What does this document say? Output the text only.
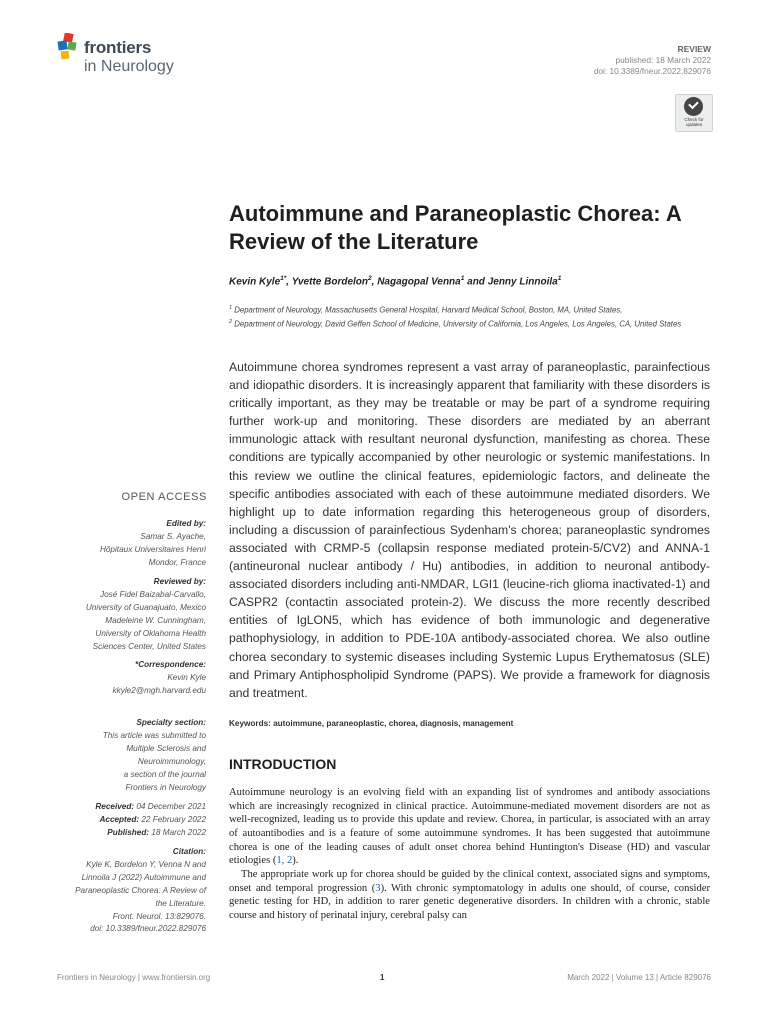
frontiers
in Neurology
REVIEW
published: 18 March 2022
doi: 10.3389/fneur.2022.829076
Check for updates
Autoimmune and Paraneoplastic Chorea: A Review of the Literature
Kevin Kyle$^{1*}$, Yvette Bordelon$^2$, Nagagopal Venna$^1$ and Jenny Linnoila$^1$
$^1$ Department of Neurology, Massachusetts General Hospital, Harvard Medical School, Boston, MA, United States,
$^2$ Department of Neurology, David Geffen School of Medicine, University of California, Los Angeles, Los Angeles, CA, United States
Autoimmune chorea syndromes represent a vast array of paraneoplastic, parainfectious and idiopathic disorders. It is increasingly apparent that familiarity with these disorders is critically important, as they may be treatable or may be part of a syndrome requiring further work-up and monitoring. These disorders are mediated by an aberrant immunologic attack with resultant neuronal dysfunction, manifesting as chorea. These conditions are typically accompanied by other neurologic or systemic manifestations. In this review we outline the clinical features, epidemiologic factors, and delineate the specific antibodies associated with each of these autoimmune mediated disorders. We highlight up to date information regarding this heterogeneous group of disorders, including a discussion of parainfectious Sydenham's chorea; paraneoplastic syndromes associated with CRMP-5 (collapsin response mediated protein-5/CV2) and ANNA-1 (antineuronal nuclear antibody / Hu) antibodies, in addition to neuronal antibody-associated disorders including anti-NMDAR, LGI1 (leucine-rich glioma inactivated-1) and CASPR2 (contactin associated protein-2). We discuss the more recently described entities of IgLON5, which has evidence of both immunologic and degenerative pathophysiology, in addition to PDE-10A antibody-associated chorea. We also outline chorea secondary to systemic diseases including Systemic Lupus Erythematosus (SLE) and Primary Antiphospholipid Syndrome (PAPS). We provide a framework for diagnosis and treatment.
Keywords: autoimmune, paraneoplastic, chorea, diagnosis, management
INTRODUCTION
Autoimmune neurology is an evolving field with an expanding list of syndromes and antibody associations which are increasingly recognized in clinical practice. Autoimmune-mediated movement disorders are not as well-recognized, leading us to provide this update and review. Chorea, in particular, is associated with an array of autoantibodies and is a feature of some autoimmune syndromes. It has been suggested that autoimmune chorea is one of the leading causes of adult onset chorea behind Huntington's Disease (HD) and vascular etiologies (1, 2).
The appropriate work up for chorea should be guided by the clinical context, associated signs and symptoms, onset and temporal progression (3). With chronic symptomatology in adults one should, of course, consider genetic testing for HD, in addition to rarer genetic degenerative disorders. In children with a chronic, stable course and history of perinatal injury, cerebral palsy can
OPEN ACCESS
Edited by:
Samar S. Ayache,
Hôpitaux Universitaires Henri
Mondor, France
Reviewed by:
José Fidel Baizabal-Carvallo,
University of Guanajuato, Mexico
Madeleine W. Cunningham,
University of Oklahoma Health
Sciences Center, United States
*Correspondence:
Kevin Kyle
kkyle2@mgh.harvard.edu
Specialty section:
This article was submitted to
Multiple Sclerosis and
Neuroimmunology,
a section of the journal
Frontiers in Neurology
Received: 04 December 2021
Accepted: 22 February 2022
Published: 18 March 2022
Citation:
Kyle K, Bordelon Y, Venna N and
Linnoila J (2022) Autoimmune and
Paraneoplastic Chorea: A Review of
the Literature.
Front. Neurol. 13:829076.
doi: 10.3389/fneur.2022.829076
Frontiers in Neurology | www.frontiersin.org	1	March 2022 | Volume 13 | Article 829076
